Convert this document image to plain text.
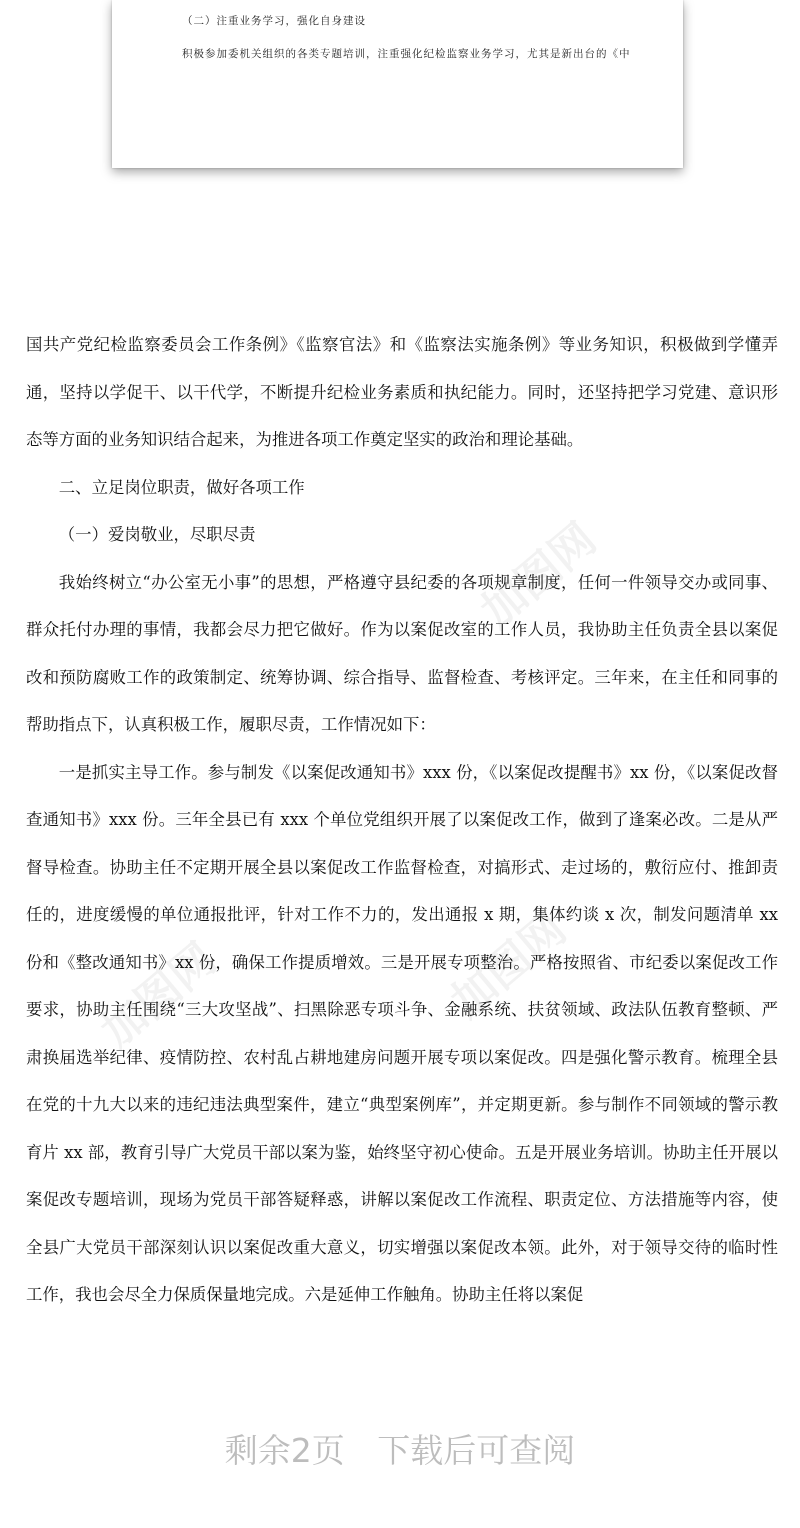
（二）注重业务学习，强化自身建设
积极参加委机关组织的各类专题培训，注重强化纪检监察业务学习，尤其是新出台的《中
加图网
加图网
加图网

国共产党纪检监察委员会工作条例》《监察官法》和《监察法实施条例》等业务知识，积极做到学懂弄通，坚持以学促干、以干代学，不断提升纪检业务素质和执纪能力。同时，还坚持把学习党建、意识形态等方面的业务知识结合起来，为推进各项工作奠定坚实的政治和理论基础。

二、立足岗位职责，做好各项工作

（一）爱岗敬业，尽职尽责

我始终树立“办公室无小事”的思想，严格遵守县纪委的各项规章制度，任何一件领导交办或同事、群众托付办理的事情，我都会尽力把它做好。作为以案促改室的工作人员，我协助主任负责全县以案促改和预防腐败工作的政策制定、统筹协调、综合指导、监督检查、考核评定。三年来，在主任和同事的帮助指点下，认真积极工作，履职尽责，工作情况如下：

一是抓实主导工作。参与制发《以案促改通知书》xxx 份，《以案促改提醒书》xx 份，《以案促改督查通知书》xxx 份。三年全县已有 xxx 个单位党组织开展了以案促改工作，做到了逢案必改。二是从严督导检查。协助主任不定期开展全县以案促改工作监督检查，对搞形式、走过场的，敷衍应付、推卸责任的，进度缓慢的单位通报批评，针对工作不力的，发出通报 x 期，集体约谈 x 次，制发问题清单 xx 份和《整改通知书》xx 份，确保工作提质增效。三是开展专项整治。严格按照省、市纪委以案促改工作要求，协助主任围绕“三大攻坚战”、扫黑除恶专项斗争、金融系统、扶贫领域、政法队伍教育整顿、严肃换届选举纪律、疫情防控、农村乱占耕地建房问题开展专项以案促改。四是强化警示教育。梳理全县在党的十九大以来的违纪违法典型案件，建立“典型案例库”，并定期更新。参与制作不同领域的警示教育片 xx 部，教育引导广大党员干部以案为鉴，始终坚守初心使命。五是开展业务培训。协助主任开展以案促改专题培训，现场为党员干部答疑释惑，讲解以案促改工作流程、职责定位、方法措施等内容，使全县广大党员干部深刻认识以案促改重大意义，切实增强以案促改本领。此外，对于领导交待的临时性工作，我也会尽全力保质保量地完成。六是延伸工作触角。协助主任将以案促

剩余2页 下载后可查阅
